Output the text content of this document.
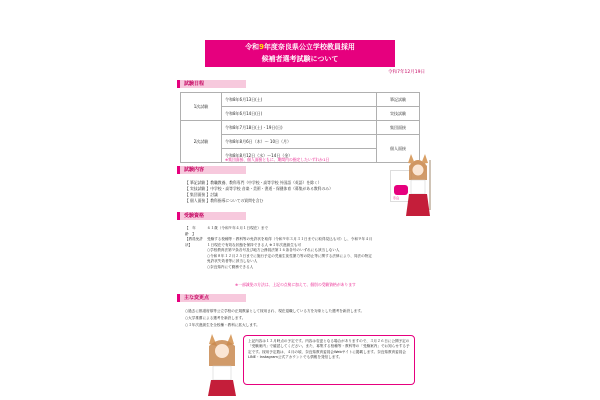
令和9年度奈良県公立学校教員採用
候補者選考試験について
令和7年12月19日
試験日程
1次試験	令和8年6月13日(土)	筆記試験
	令和8年6月14日(日)	実技試験
2次試験	令和8年7月18日(土)・19日(日)	集団面接
	令和8年8月6日（木）～ 10日（月）	個人面接
	令和8年8月12日（水）～14日（金）	
※集団面接、個人面接ともに、期間内の指定したいずれか1日
試験内容
【 筆記試験 】教職教養、教科専門（中学校・高等学校 外国語（英語）を除く）
【 実技試験 】中学校・高等学校 音楽・美術・書道・保健体育（募集がある教科のみ）
【 集団面接 】討議
【 個人面接 】教科指導についての質問を含む	奈良
受験資格
【　年　齢　】
６１歳（令和９年４月１日現在）まで
【教員免許状】
受験する校種等・教科等の免許状を取得（令和９年３月３１日までに取得見込も可）し、令和９年４月１日現在で有効な状態を保持できる人 ※３年次進級生も可
○学校教育法第９条各号及び地方公務員法第１６条各号のいずれにも該当しない人
○令和８年１２月２５日までに施行予定の児童生徒性暴力等の防止等に関する法律により、同法の特定免許状失効者等に該当しない人
○奈良県内にて勤務できる人
※一部減免の方法は、上記の点検に加えて、個別の受験資格があります
主な変更点
○過去に都道府県等公立学校の正規教諭として採用され、現在退職している方を対象とした選考を新設します。
○大学推薦による選考を新設します。
○３年次進級生を全校種・教科に拡大します。
上記内容は１２月時点の予定です。内容は変更となる場合がありますので、３月２６日に公開予定の「受験案内」で確認してください。また、募集する校種等・教科等の「受験案内」でお知らせする予定です。採用予定数は、４月の頃、奈良県教育委員会Webサイトに掲載します。奈良県教育委員会LINE・Instagram公式アカウントでも情報を発信します。
